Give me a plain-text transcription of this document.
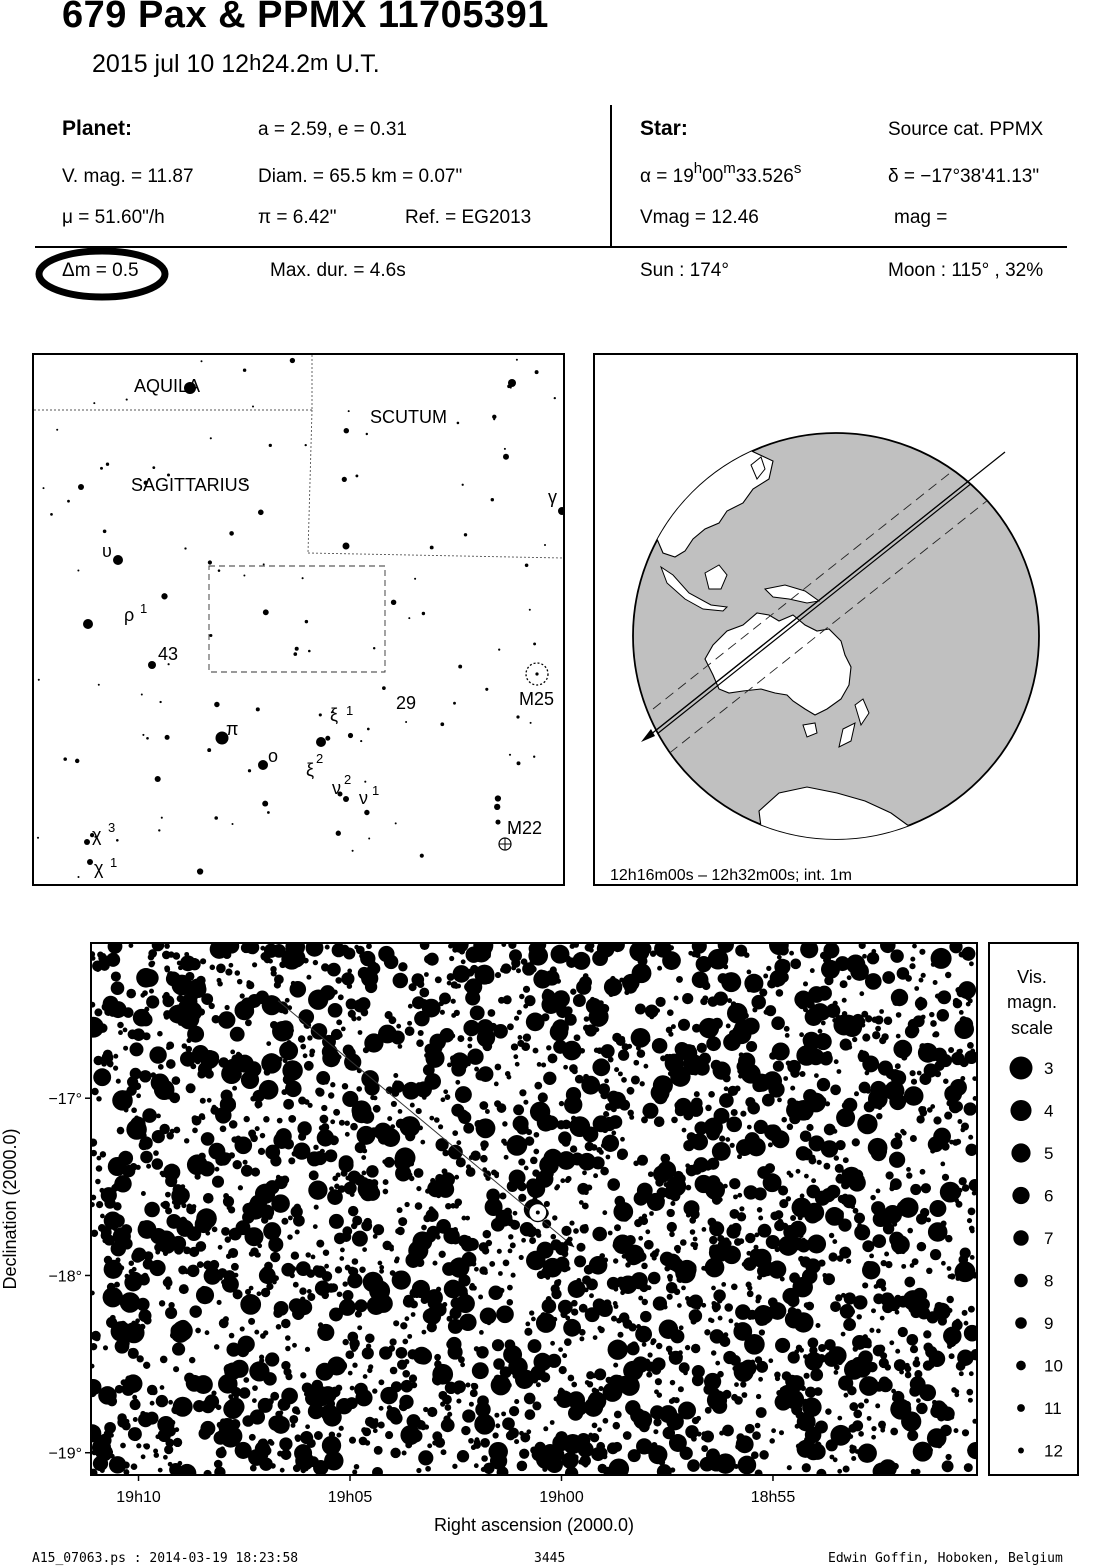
679 Pax & PPMX 11705391
2015 jul 10 12$^h$24.2$^m$ U.T.
Planet:	a = 2.59, e = 0.31
V. mag. = 11.87	Diam. = 65.5 km = 0.07"
μ = 51.60"/h	π = 6.42"	Ref. = EG2013
Star:	Source cat. PPMX
$\alpha = 19^h00^m33.526^s$	δ = −17°38'41.13"
Vmag = 12.46	mag =
Δm = 0.5	Max. dur. = 4.6s	Sun : 174°	Moon : 115° , 32%
AQUILA
SCUTUM
SAGITTARIUS
γ
υ
ρ 1
43
π
o
ξ 1
ξ
2
29
ν 2
ν 1
χ 3
χ 1
M25
M22
12h16m00s – 12h32m00s; int. 1m
19h10	19h05	19h00	18h55
−17°
−18°
−19°
Right ascension (2000.0)
Declination (2000.0)
Vis.
magn.
scale
3
4
5
6
7
8
9
10
11
12
A15_07063.ps : 2014-03-19 18:23:58	3445	Edwin Goffin, Hoboken, Belgium
